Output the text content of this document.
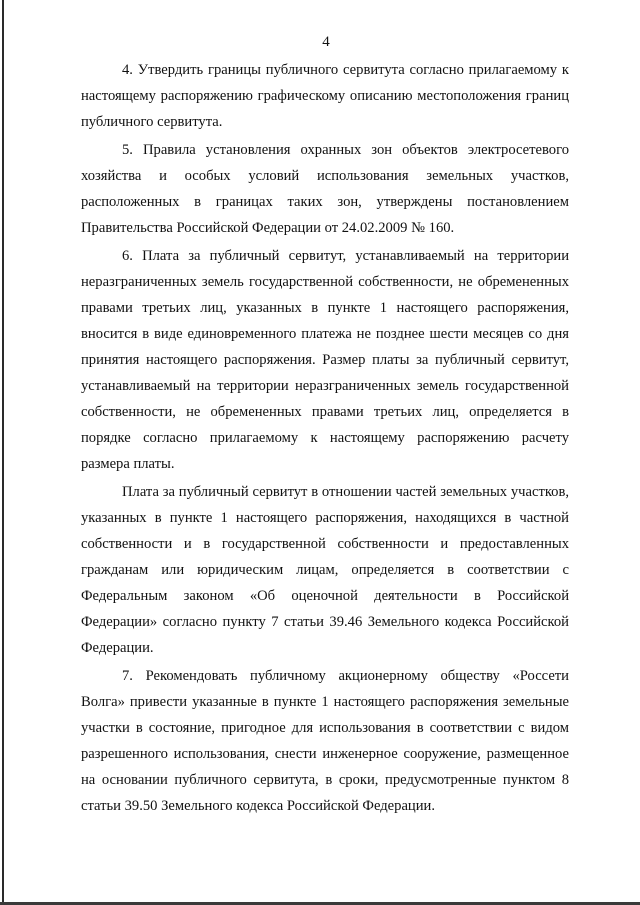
4

4. Утвердить границы публичного сервитута согласно прилагаемому к настоящему распоряжению графическому описанию местоположения границ публичного сервитута.

5. Правила установления охранных зон объектов электросетевого хозяйства и особых условий использования земельных участков, расположенных в границах таких зон, утверждены постановлением Правительства Российской Федерации от 24.02.2009 № 160.

6. Плата за публичный сервитут, устанавливаемый на территории неразграниченных земель государственной собственности, не обремененных правами третьих лиц, указанных в пункте 1 настоящего распоряжения, вносится в виде единовременного платежа не позднее шести месяцев со дня принятия настоящего распоряжения. Размер платы за публичный сервитут, устанавливаемый на территории неразграниченных земель государственной собственности, не обремененных правами третьих лиц, определяется в порядке согласно прилагаемому к настоящему распоряжению расчету размера платы.

Плата за публичный сервитут в отношении частей земельных участков, указанных в пункте 1 настоящего распоряжения, находящихся в частной собственности и в государственной собственности и предоставленных гражданам или юридическим лицам, определяется в соответствии с Федеральным законом «Об оценочной деятельности в Российской Федерации» согласно пункту 7 статьи 39.46 Земельного кодекса Российской Федерации.

7. Рекомендовать публичному акционерному обществу «Россети Волга» привести указанные в пункте 1 настоящего распоряжения земельные участки в состояние, пригодное для использования в соответствии с видом разрешенного использования, снести инженерное сооружение, размещенное на основании публичного сервитута, в сроки, предусмотренные пунктом 8 статьи 39.50 Земельного кодекса Российской Федерации.
